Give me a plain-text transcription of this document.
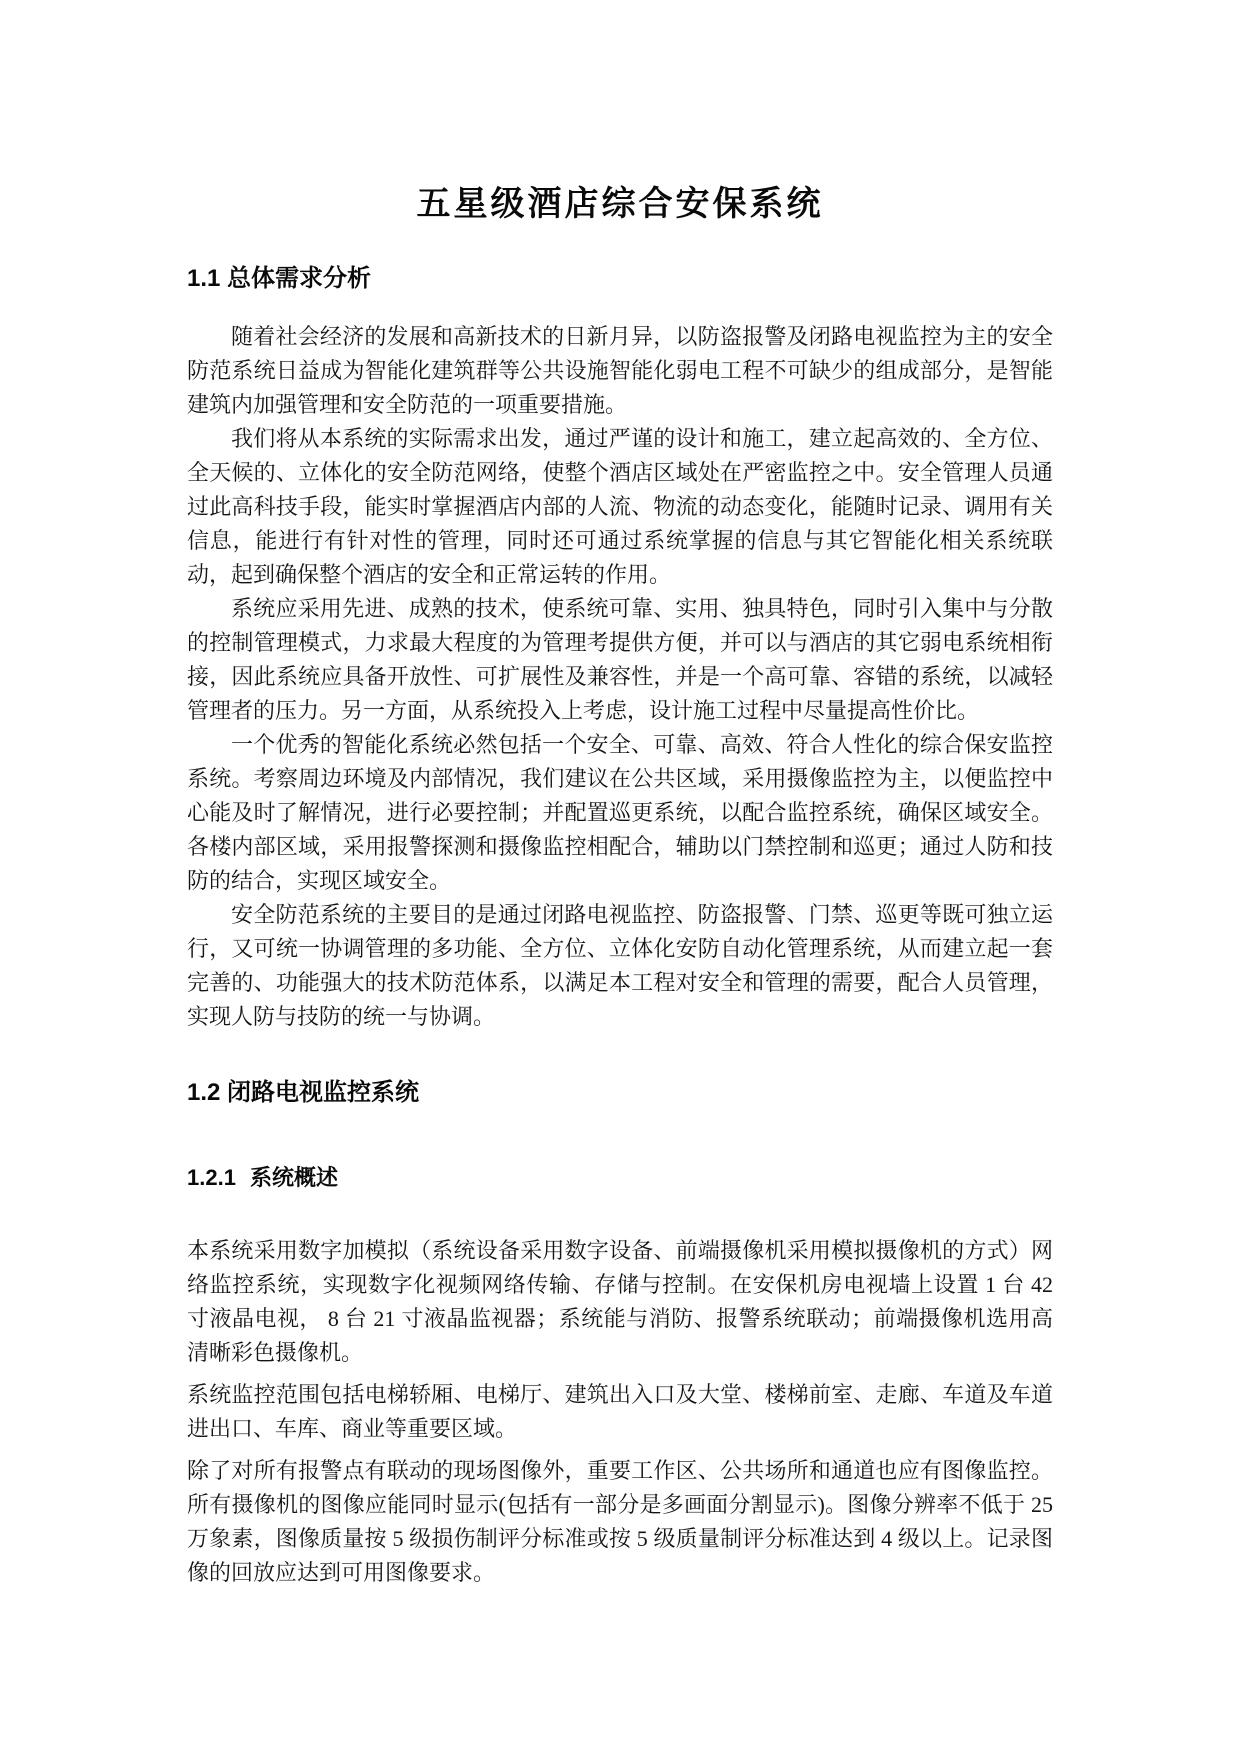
五星级酒店综合安保系统
1.1 总体需求分析

随着社会经济的发展和高新技术的日新月异，以防盗报警及闭路电视监控为主的安全防范系统日益成为智能化建筑群等公共设施智能化弱电工程不可缺少的组成部分，是智能建筑内加强管理和安全防范的一项重要措施。

我们将从本系统的实际需求出发，通过严谨的设计和施工，建立起高效的、全方位、全天候的、立体化的安全防范网络，使整个酒店区域处在严密监控之中。安全管理人员通过此高科技手段，能实时掌握酒店内部的人流、物流的动态变化，能随时记录、调用有关信息，能进行有针对性的管理，同时还可通过系统掌握的信息与其它智能化相关系统联动，起到确保整个酒店的安全和正常运转的作用。

系统应采用先进、成熟的技术，使系统可靠、实用、独具特色，同时引入集中与分散的控制管理模式，力求最大程度的为管理考提供方便，并可以与酒店的其它弱电系统相衔接，因此系统应具备开放性、可扩展性及兼容性，并是一个高可靠、容错的系统，以减轻管理者的压力。另一方面，从系统投入上考虑，设计施工过程中尽量提高性价比。

一个优秀的智能化系统必然包括一个安全、可靠、高效、符合人性化的综合保安监控系统。考察周边环境及内部情况，我们建议在公共区域，采用摄像监控为主，以便监控中心能及时了解情况，进行必要控制；并配置巡更系统，以配合监控系统，确保区域安全。各楼内部区域，采用报警探测和摄像监控相配合，辅助以门禁控制和巡更；通过人防和技防的结合，实现区域安全。

安全防范系统的主要目的是通过闭路电视监控、防盗报警、门禁、巡更等既可独立运行，又可统一协调管理的多功能、全方位、立体化安防自动化管理系统，从而建立起一套完善的、功能强大的技术防范体系，以满足本工程对安全和管理的需要，配合人员管理，实现人防与技防的统一与协调。

1.2 闭路电视监控系统
1.2.1 系统概述

本系统采用数字加模拟（系统设备采用数字设备、前端摄像机采用模拟摄像机的方式）网络监控系统，实现数字化视频网络传输、存储与控制。在安保机房电视墙上设置 1 台 42 寸液晶电视， 8 台 21 寸液晶监视器；系统能与消防、报警系统联动；前端摄像机选用高清晰彩色摄像机。

系统监控范围包括电梯轿厢、电梯厅、建筑出入口及大堂、楼梯前室、走廊、车道及车道进出口、车库、商业等重要区域。

除了对所有报警点有联动的现场图像外，重要工作区、公共场所和通道也应有图像监控。所有摄像机的图像应能同时显示(包括有一部分是多画面分割显示)。图像分辨率不低于 25 万象素，图像质量按 5 级损伤制评分标准或按 5 级质量制评分标准达到 4 级以上。记录图像的回放应达到可用图像要求。
